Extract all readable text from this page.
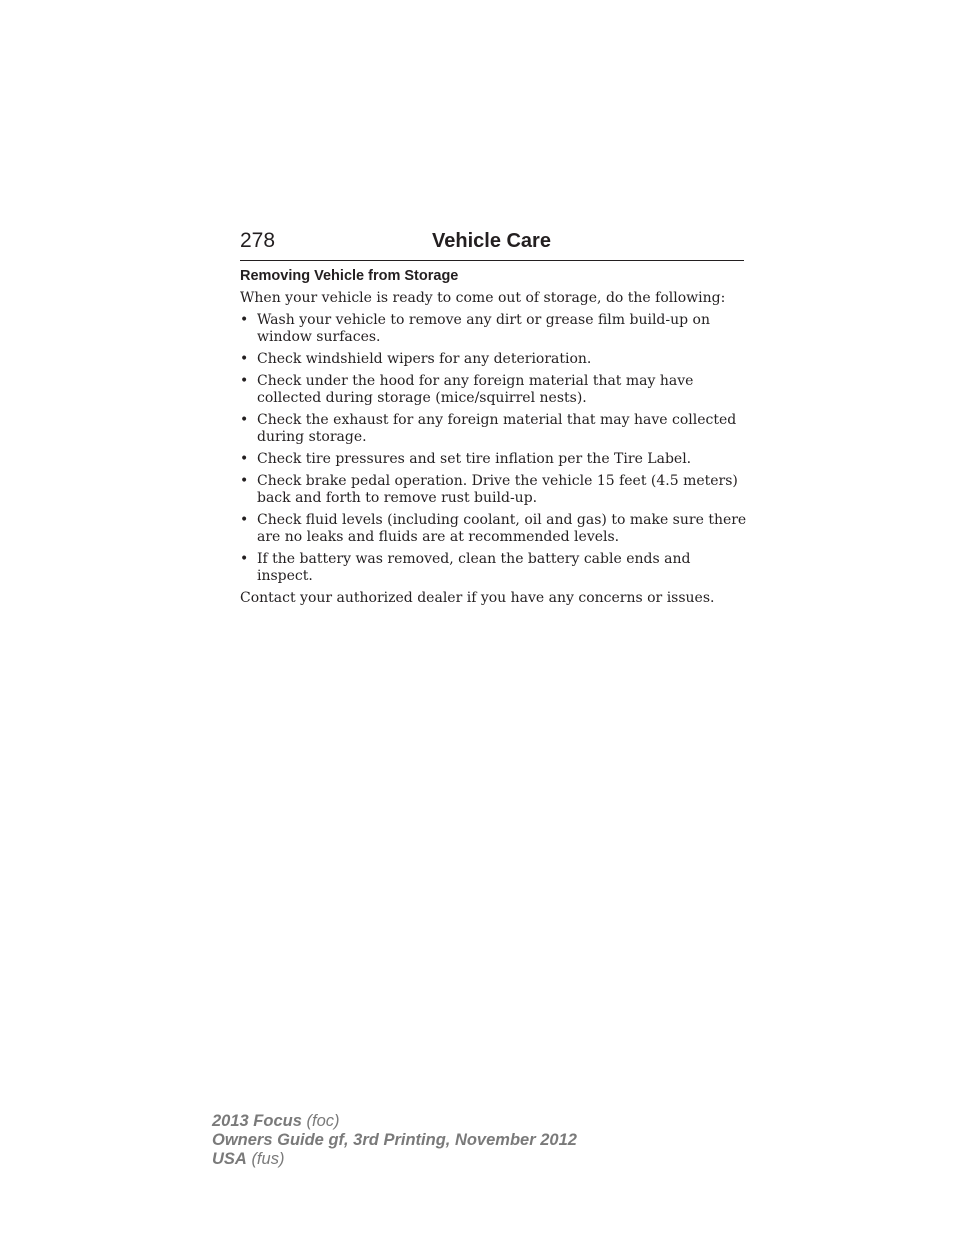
278	Vehicle Care
Removing Vehicle from Storage
When your vehicle is ready to come out of storage, do the following:
• Wash your vehicle to remove any dirt or grease film build-up on window surfaces.
• Check windshield wipers for any deterioration.
• Check under the hood for any foreign material that may have collected during storage (mice/squirrel nests).
• Check the exhaust for any foreign material that may have collected during storage.
• Check tire pressures and set tire inflation per the Tire Label.
• Check brake pedal operation. Drive the vehicle 15 feet (4.5 meters) back and forth to remove rust build-up.
• Check fluid levels (including coolant, oil and gas) to make sure there are no leaks and fluids are at recommended levels.
• If the battery was removed, clean the battery cable ends and inspect.
Contact your authorized dealer if you have any concerns or issues.
2013 Focus (foc)
Owners Guide gf, 3rd Printing, November 2012
USA (fus)
